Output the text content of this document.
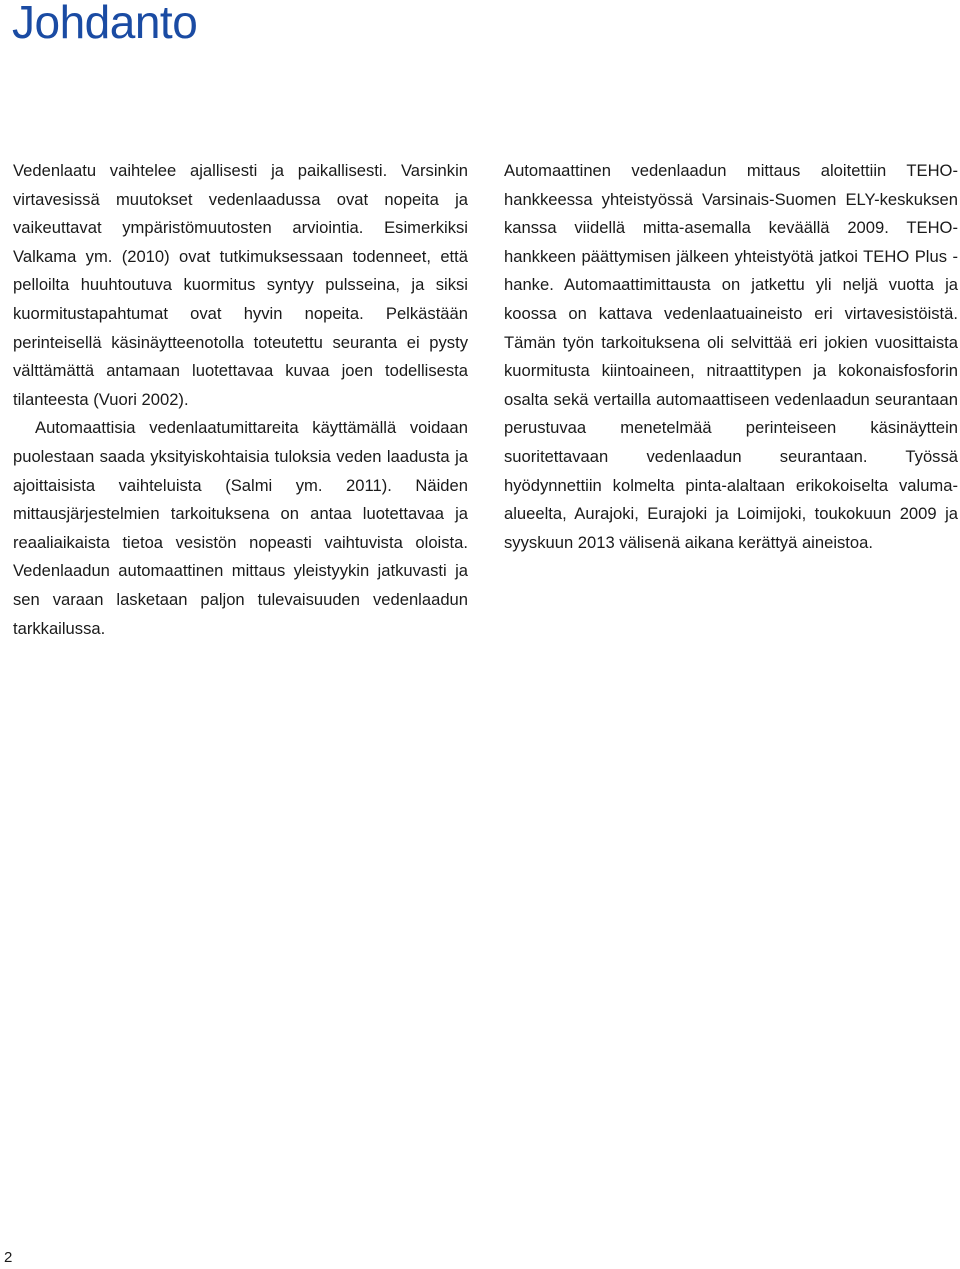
Johdanto

Vedenlaatu vaihtelee ajallisesti ja paikallisesti. Varsinkin virtavesissä muutokset vedenlaadussa ovat nopeita ja vaikeuttavat ympäristömuutosten arviointia. Esimerkiksi Valkama ym. (2010) ovat tutkimuksessaan todenneet, että pelloilta huuhtoutuva kuormitus syntyy pulsseina, ja siksi kuormitustapahtumat ovat hyvin nopeita. Pelkästään perinteisellä käsinäytteenotolla toteutettu seuranta ei pysty välttämättä antamaan luotettavaa kuvaa joen todellisesta tilanteesta (Vuori 2002).

Automaattisia vedenlaatumittareita käyttämällä voidaan puolestaan saada yksityiskohtaisia tuloksia veden laadusta ja ajoittaisista vaihteluista (Salmi ym. 2011). Näiden mittausjärjestelmien tarkoituksena on antaa luotettavaa ja reaaliaikaista tietoa vesistön nopeasti vaihtuvista oloista. Vedenlaadun automaattinen mittaus yleistyykin jatkuvasti ja sen varaan lasketaan paljon tulevaisuuden vedenlaadun tarkkailussa.

Automaattinen vedenlaadun mittaus aloitettiin TEHO-hankkeessa yhteistyössä Varsinais-Suomen ELY-keskuksen kanssa viidellä mitta-asemalla keväällä 2009. TEHO-hankkeen päättymisen jälkeen yhteistyötä jatkoi TEHO Plus -hanke. Automaattimittausta on jatkettu yli neljä vuotta ja koossa on kattava vedenlaatuaineisto eri virtavesistöistä. Tämän työn tarkoituksena oli selvittää eri jokien vuosittaista kuormitusta kiintoaineen, nitraattitypen ja kokonaisfosforin osalta sekä vertailla automaattiseen vedenlaadun seurantaan perustuvaa menetelmää perinteiseen käsinäyttein suoritettavaan vedenlaadun seurantaan. Työssä hyödynnettiin kolmelta pinta-alaltaan erikokoiselta valuma-alueelta, Aurajoki, Eurajoki ja Loimijoki, toukokuun 2009 ja syyskuun 2013 välisenä aikana kerättyä aineistoa.

2
